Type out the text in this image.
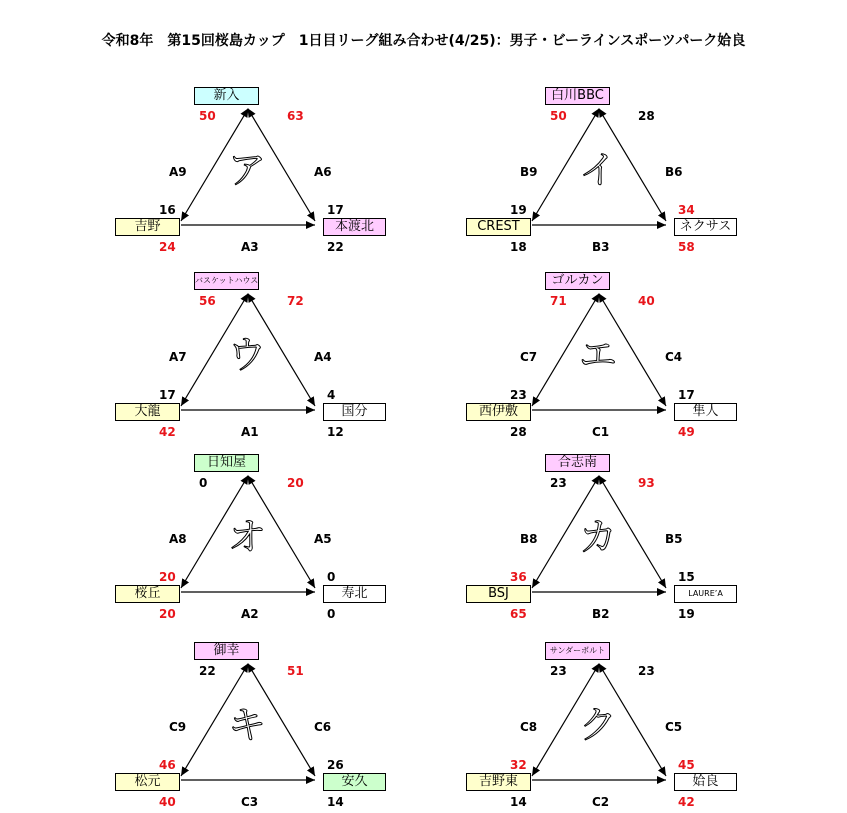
令和8年　第15回桜島カップ　1日目リーグ組み合わせ(4/25)：男子・ビーラインスポーツパーク姶良
ア
新入
吉野	本渡北
50	63
16
24
17
22
A9	A6
A3
イ
白川BBC
CREST	ネクサス
50	28
19
18
34
58
B9	B6
B3
ウ
バスケットハウス
大龍	国分
56	72
17
42
4
12
A7	A4
A1
エ
ゴルカン
西伊敷	隼人
71	40
23
28
17
49
C7	C4
C1
オ
日知屋
桜丘	寿北
0	20
20
20
0
0
A8	A5
A2
カ
合志南
BSJ	LAURE’A
23	93
36
65
15
19
B8	B5
B2
キ
御幸
松元	安久
22	51
46
40
26
14
C9	C6
C3
ク
サンダーボルト
吉野東	姶良
23	23
32
14
45
42
C8	C5
C2
